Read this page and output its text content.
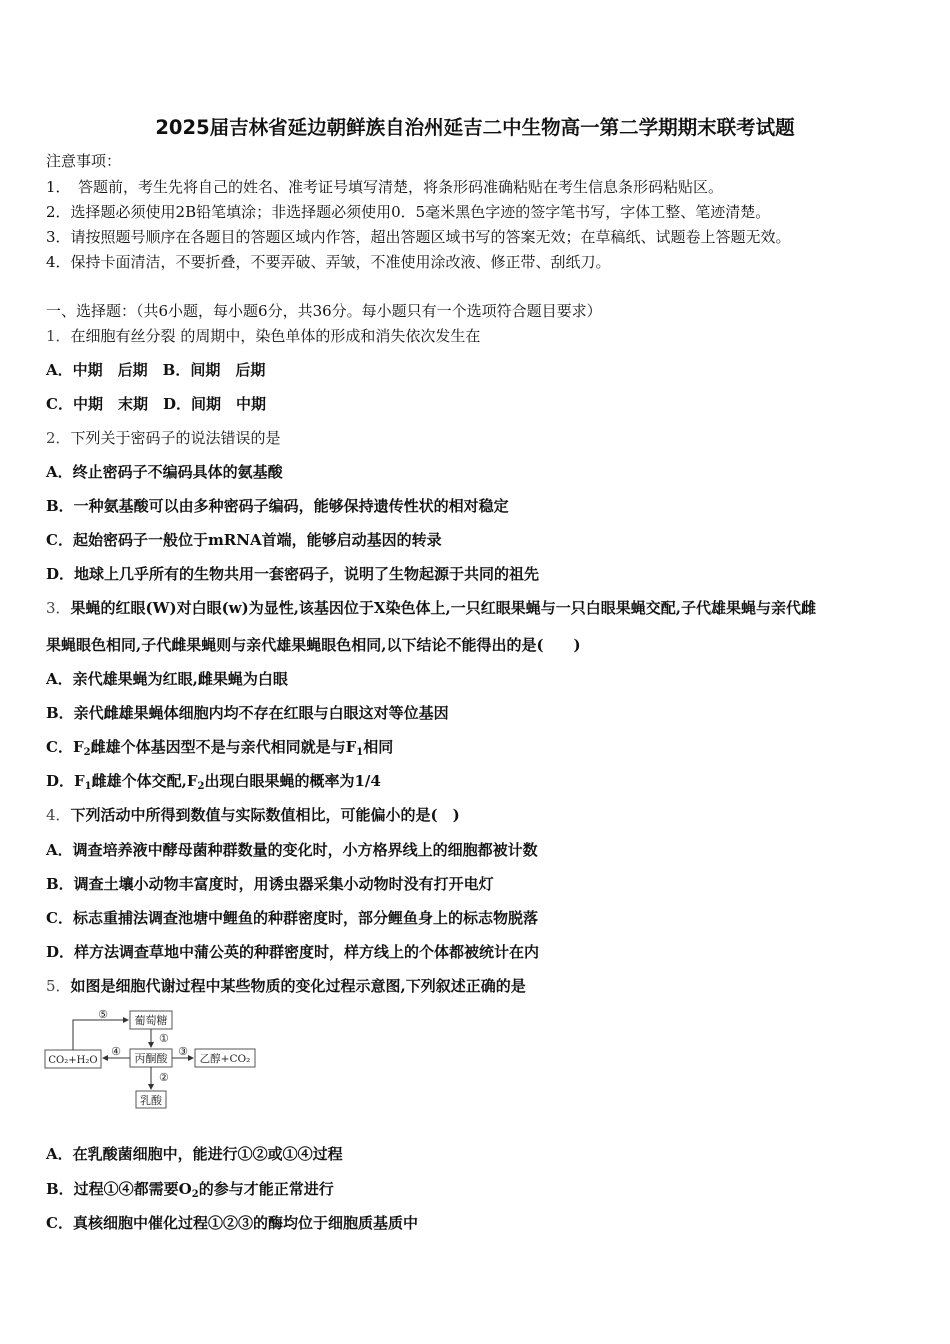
2025届吉林省延边朝鲜族自治州延吉二中生物高一第二学期期末联考试题
注意事项：
1．　答题前，考生先将自己的姓名、准考证号填写清楚，将条形码准确粘贴在考生信息条形码粘贴区。
2．选择题必须使用2B铅笔填涂；非选择题必须使用0．5毫米黑色字迹的签字笔书写，字体工整、笔迹清楚。
3．请按照题号顺序在各题目的答题区域内作答，超出答题区域书写的答案无效；在草稿纸、试题卷上答题无效。
4．保持卡面清洁，不要折叠，不要弄破、弄皱，不准使用涂改液、修正带、刮纸刀。
一、选择题：（共6小题，每小题6分，共36分。每小题只有一个选项符合题目要求）
1．在细胞有丝分裂 的周期中，染色单体的形成和消失依次发生在
A．中期　后期　B．间期　后期
C．中期　末期　D．间期　中期
2．下列关于密码子的说法错误的是
A．终止密码子不编码具体的氨基酸
B．一种氨基酸可以由多种密码子编码，能够保持遗传性状的相对稳定
C．起始密码子一般位于mRNA首端，能够启动基因的转录
D．地球上几乎所有的生物共用一套密码子，说明了生物起源于共同的祖先
3．果蝇的红眼(W)对白眼(w)为显性,该基因位于X染色体上,一只红眼果蝇与一只白眼果蝇交配,子代雄果蝇与亲代雌
果蝇眼色相同,子代雌果蝇则与亲代雄果蝇眼色相同,以下结论不能得出的是(　　)
A．亲代雄果蝇为红眼,雌果蝇为白眼
B．亲代雌雄果蝇体细胞内均不存在红眼与白眼这对等位基因
C．$F_2$雌雄个体基因型不是与亲代相同就是与$F_1$相同
D．$F_1$雌雄个体交配$,F_2$出现白眼果蝇的概率为1/4
4．下列活动中所得到数值与实际数值相比，可能偏小的是(　)
A．调查培养液中酵母菌种群数量的变化时，小方格界线上的细胞都被计数
B．调查土壤小动物丰富度时，用诱虫器采集小动物时没有打开电灯
C．标志重捕法调查池塘中鲤鱼的种群密度时，部分鲤鱼身上的标志物脱落
D．样方法调查草地中蒲公英的种群密度时，样方线上的个体都被统计在内
5．如图是细胞代谢过程中某些物质的变化过程示意图,下列叙述正确的是
葡萄糖
丙酮酸
乳酸
CO₂+H₂O	乙醇+CO₂
⑤
①
④	③
②
A．在乳酸菌细胞中，能进行①②或①④过程
B．过程①④都需要$O_2$的参与才能正常进行
C．真核细胞中催化过程①②③的酶均位于细胞质基质中
